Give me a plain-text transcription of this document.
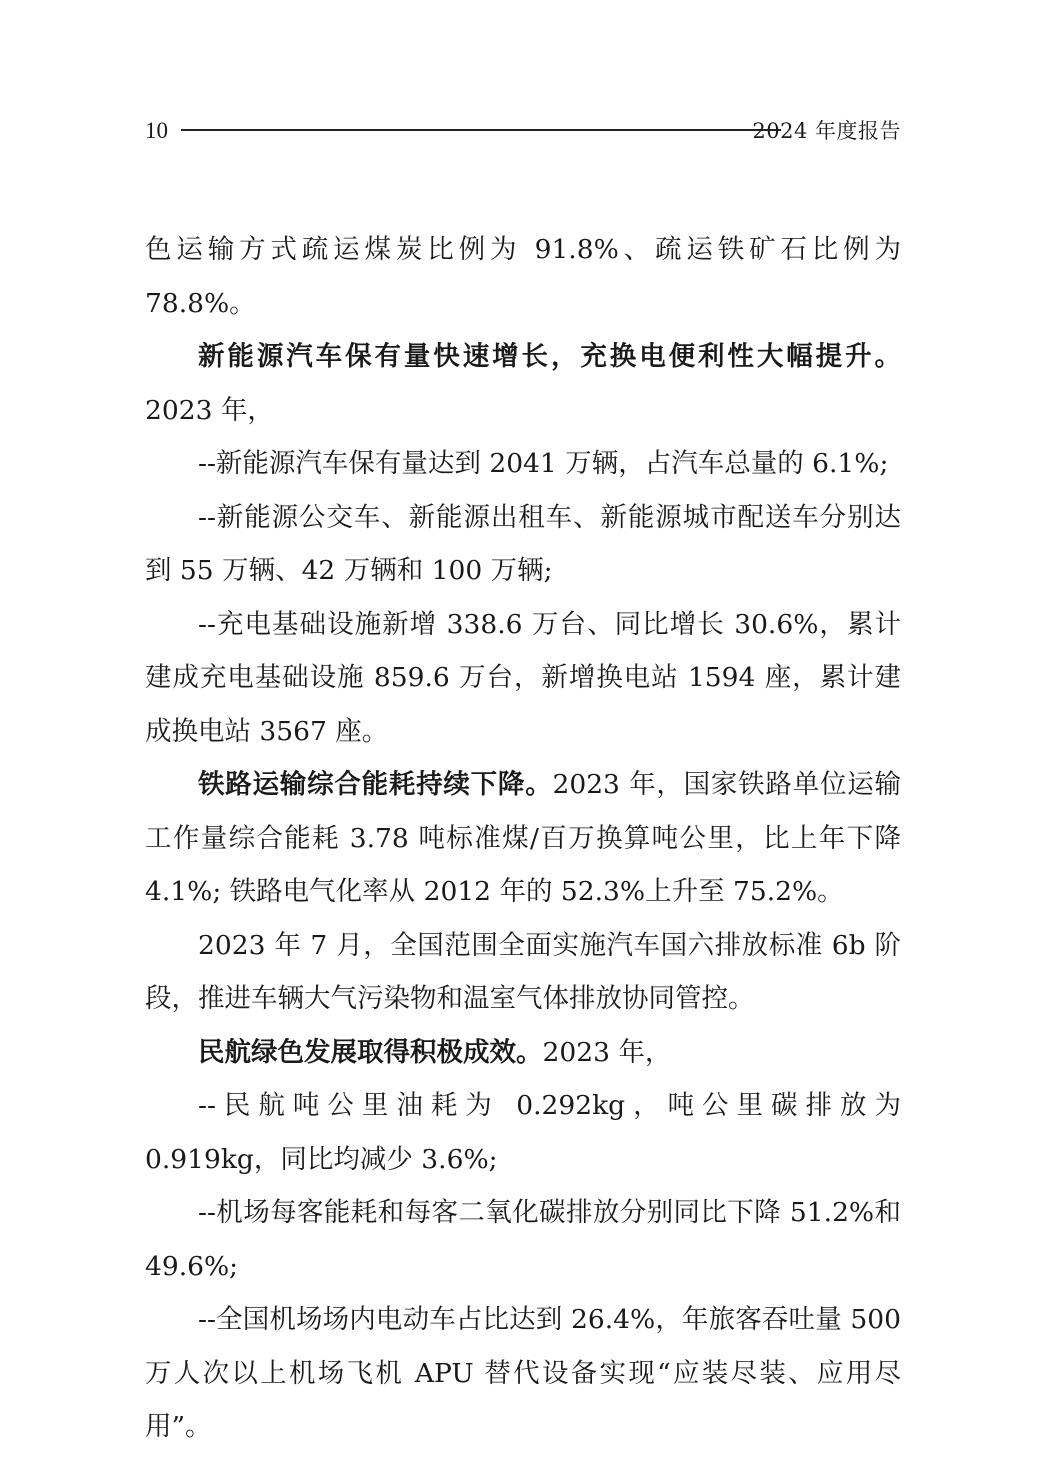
10	2024 年度报告

色运输方式疏运煤炭比例为 91.8%、疏运铁矿石比例为 78.8%。

新能源汽车保有量快速增长，充换电便利性大幅提升。2023 年，

--新能源汽车保有量达到 2041 万辆，占汽车总量的 6.1%;

--新能源公交车、新能源出租车、新能源城市配送车分别达到 55 万辆、42 万辆和 100 万辆;

--充电基础设施新增 338.6 万台、同比增长 30.6%，累计建成充电基础设施 859.6 万台，新增换电站 1594 座，累计建成换电站 3567 座。

铁路运输综合能耗持续下降。2023 年，国家铁路单位运输工作量综合能耗 3.78 吨标准煤/百万换算吨公里，比上年下降 4.1%; 铁路电气化率从 2012 年的 52.3%上升至 75.2%。

2023 年 7 月，全国范围全面实施汽车国六排放标准 6b 阶段，推进车辆大气污染物和温室气体排放协同管控。

民航绿色发展取得积极成效。2023 年，

--民航吨公里油耗为 0.292kg，吨公里碳排放为 0.919kg，同比均减少 3.6%;

--机场每客能耗和每客二氧化碳排放分别同比下降 51.2%和 49.6%;

--全国机场场内电动车占比达到 26.4%，年旅客吞吐量 500 万人次以上机场飞机 APU 替代设备实现“应装尽装、应用尽用”。
